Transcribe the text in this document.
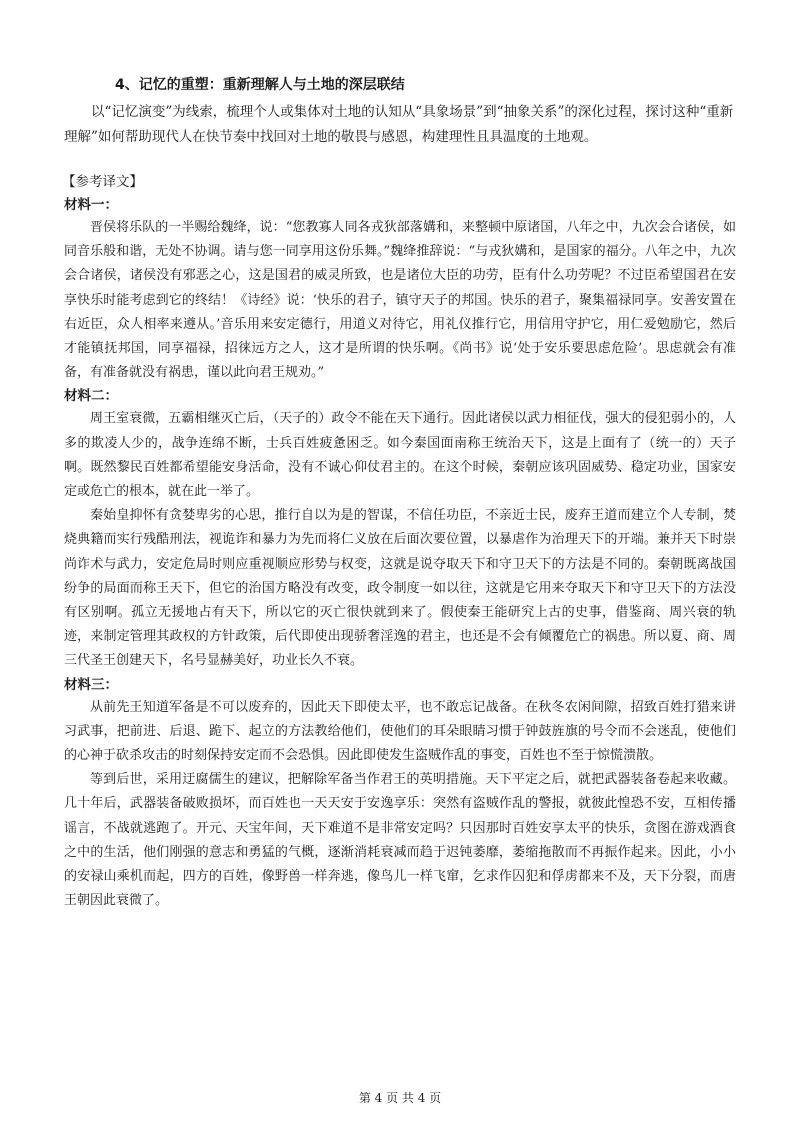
4、记忆的重塑：重新理解人与土地的深层联结

以“记忆演变”为线索，梳理个人或集体对土地的认知从“具象场景”到“抽象关系”的深化过程，探讨这种“重新理解”如何帮助现代人在快节奏中找回对土地的敬畏与感恩，构建理性且具温度的土地观。

【参考译文】

材料一：

晋侯将乐队的一半赐给魏绛，说：“您教寡人同各戎狄部落媾和，来整顿中原诸国，八年之中，九次会合诸侯，如同音乐般和谐，无处不协调。请与您一同享用这份乐舞。”魏绛推辞说：“与戎狄媾和，是国家的福分。八年之中，九次会合诸侯，诸侯没有邪恶之心，这是国君的威灵所致，也是诸位大臣的功劳，臣有什么功劳呢？不过臣希望国君在安享快乐时能考虑到它的终结！《诗经》说：‘快乐的君子，镇守天子的邦国。快乐的君子，聚集福禄同享。安善安置在右近臣，众人相率来遵从。’音乐用来安定德行，用道义对待它，用礼仪推行它，用信用守护它，用仁爱勉励它，然后才能镇抚邦国，同享福禄，招徕远方之人，这才是所谓的快乐啊。《尚书》说‘处于安乐要思虑危险’。思虑就会有准备，有准备就没有祸患，谨以此向君王规劝。”

材料二：

周王室衰微，五霸相继灭亡后，（天子的）政令不能在天下通行。因此诸侯以武力相征伐，强大的侵犯弱小的，人多的欺凌人少的，战争连绵不断，士兵百姓疲惫困乏。如今秦国面南称王统治天下，这是上面有了（统一的）天子啊。既然黎民百姓都希望能安身活命，没有不诚心仰仗君主的。在这个时候，秦朝应该巩固威势、稳定功业，国家安定或危亡的根本，就在此一举了。

秦始皇抑怀有贪婪卑劣的心思，推行自以为是的智谋，不信任功臣，不亲近士民，废弃王道而建立个人专制，焚烧典籍而实行残酷刑法，视诡诈和暴力为先而将仁义放在后面次要位置，以暴虐作为治理天下的开端。兼并天下时崇尚诈术与武力，安定危局时则应重视顺应形势与权变，这就是说夺取天下和守卫天下的方法是不同的。秦朝既离战国纷争的局面而称王天下，但它的治国方略没有改变，政令制度一如以往，这就是它用来夺取天下和守卫天下的方法没有区别啊。孤立无援地占有天下，所以它的灭亡很快就到来了。假使秦王能研究上古的史事，借鉴商、周兴衰的轨迹，来制定管理其政权的方针政策，后代即使出现骄奢淫逸的君主，也还是不会有倾覆危亡的祸患。所以夏、商、周三代圣王创建天下，名号显赫美好，功业长久不衰。

材料三：

从前先王知道军备是不可以废弃的，因此天下即使太平，也不敢忘记战备。在秋冬农闲间隙，招致百姓打猎来讲习武事，把前进、后退、跪下、起立的方法教给他们，使他们的耳朵眼睛习惯于钟鼓旌旗的号令而不会迷乱，使他们的心神于砍杀攻击的时刻保持安定而不会恐惧。因此即使发生盗贼作乱的事变，百姓也不至于惊慌溃散。

等到后世，采用迂腐儒生的建议，把解除军备当作君王的英明措施。天下平定之后，就把武器装备卷起来收藏。几十年后，武器装备破败损坏，而百姓也一天天安于安逸享乐：突然有盗贼作乱的警报，就彼此惶恐不安，互相传播谣言，不战就逃跑了。开元、天宝年间，天下难道不是非常安定吗？只因那时百姓安享太平的快乐，贪图在游戏酒食之中的生活，他们刚强的意志和勇猛的气概，逐渐消耗衰减而趋于迟钝萎靡，萎缩拖散而不再振作起来。因此，小小的安禄山乘机而起，四方的百姓，像野兽一样奔逃，像鸟儿一样飞窜，乞求作囚犯和俘虏都来不及，天下分裂，而唐王朝因此衰微了。

第 4 页 共 4 页
